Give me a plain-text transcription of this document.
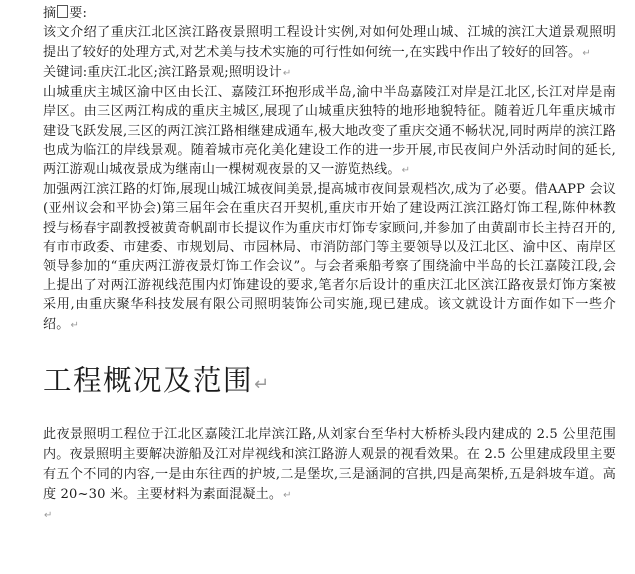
摘 要:
该文介绍了重庆江北区滨江路夜景照明工程设计实例,对如何处理山城、江城的滨江大道景观照明提出了较好的处理方式,对艺术美与技术实施的可行性如何统一,在实践中作出了较好的回答。↵

关键词:重庆江北区;滨江路景观;照明设计↵

山城重庆主城区渝中区由长江、嘉陵江环抱形成半岛,渝中半岛嘉陵江对岸是江北区,长江对岸是南岸区。由三区两江构成的重庆主城区,展现了山城重庆独特的地形地貌特征。随着近几年重庆城市建设飞跃发展,三区的两江滨江路相继建成通车,极大地改变了重庆交通不畅状况,同时两岸的滨江路也成为临江的岸线景观。随着城市亮化美化建设工作的进一步开展,市民夜间户外活动时间的延长,两江游观山城夜景成为继南山一棵树观夜景的又一游览热线。↵

加强两江滨江路的灯饰,展现山城江城夜间美景,提高城市夜间景观档次,成为了必要。借AAPP 会议(亚州议会和平协会)第三届年会在重庆召开契机,重庆市开始了建设两江滨江路灯饰工程,陈仲林教授与杨春宇副教授被黄奇帆副市长提议作为重庆市灯饰专家顾问,并参加了由黄副市长主持召开的,有市市政委、市建委、市规划局、市园林局、市消防部门等主要领导以及江北区、渝中区、南岸区领导参加的“重庆两江游夜景灯饰工作会议”。与会者乘船考察了围绕渝中半岛的长江嘉陵江段,会上提出了对两江游视线范围内灯饰建设的要求,笔者尔后设计的重庆江北区滨江路夜景灯饰方案被采用,由重庆聚华科技发展有限公司照明装饰公司实施,现已建成。该文就设计方面作如下一些介绍。↵

工程概况及范围↵

此夜景照明工程位于江北区嘉陵江北岸滨江路,从刘家台至华村大桥桥头段内建成的 2.5 公里范围内。夜景照明主要解决游船及江对岸视线和滨江路游人观景的视看效果。在 2.5 公里建成段里主要有五个不同的内容,一是由东往西的护坡,二是堡坎,三是涵洞的宫拱,四是高架桥,五是斜坡车道。高度 20~30 米。主要材料为素面混凝土。↵

↵
